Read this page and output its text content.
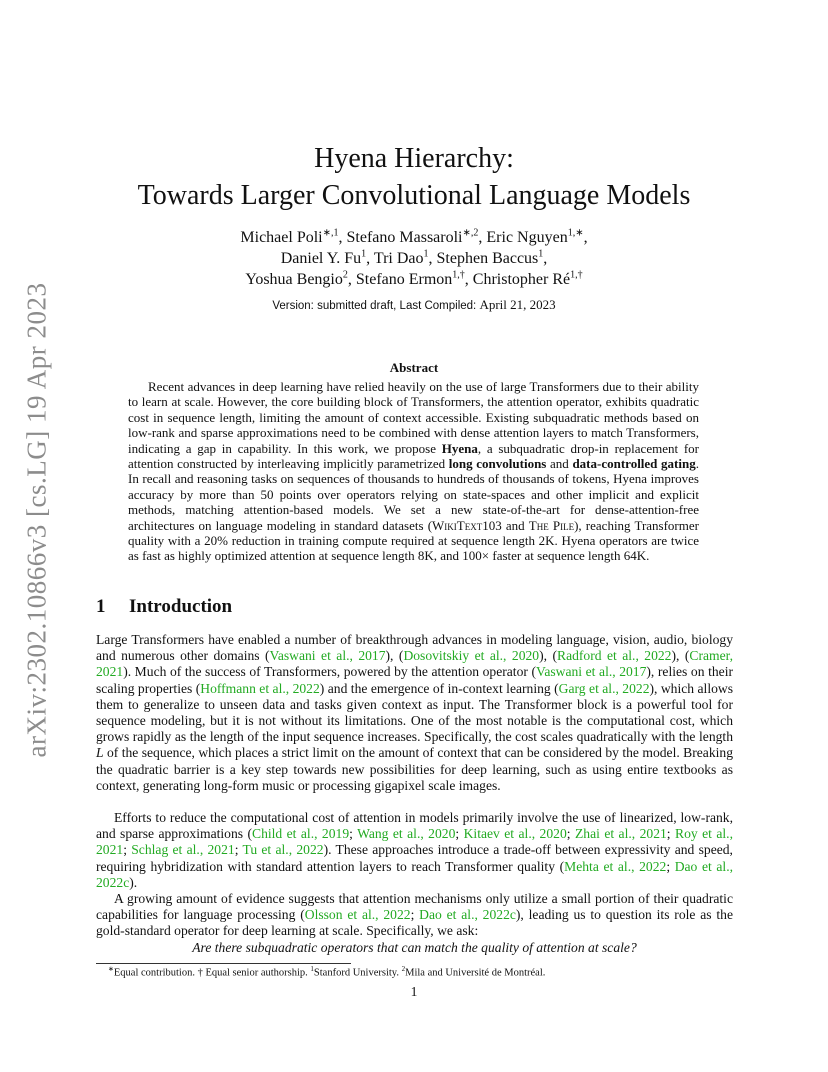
arXiv:2302.10866v3 [cs.LG] 19 Apr 2023
Hyena Hierarchy:
Towards Larger Convolutional Language Models
Michael Poli$^{∗,1}$, Stefano Massaroli$^{∗,2}$, Eric Nguyen$^{1,∗}$,
Daniel Y. Fu$^1$, Tri Dao$^1$, Stephen Baccus$^1$,
Yoshua Bengio$^2$, Stefano Ermon$^{1,\dagger}$, Christopher $Ré^{1,\dagger}$
Version: submitted draft, Last Compiled: April 21, 2023
Abstract

Recent advances in deep learning have relied heavily on the use of large Transformers due to their ability to learn at scale. However, the core building block of Transformers, the attention operator, exhibits quadratic cost in sequence length, limiting the amount of context accessible. Existing subquadratic methods based on low-rank and sparse approximations need to be combined with dense attention layers to match Transformers, indicating a gap in capability. In this work, we propose Hyena, a subquadratic drop-in replacement for attention constructed by interleaving implicitly parametrized long convolutions and data-controlled gating. In recall and reasoning tasks on sequences of thousands to hundreds of thousands of tokens, Hyena improves accuracy by more than 50 points over operators relying on state-spaces and other implicit and explicit methods, matching attention-based models. We set a new state-of-the-art for dense-attention-free architectures on language modeling in standard datasets (WikiText103 and The Pile), reaching Transformer quality with a 20% reduction in training compute required at sequence length 2K. Hyena operators are twice as fast as highly optimized attention at sequence length 8K, and 100× faster at sequence length 64K.

1 Introduction

Large Transformers have enabled a number of breakthrough advances in modeling language, vision, audio, biology and numerous other domains (Vaswani et al., 2017), (Dosovitskiy et al., 2020), (Radford et al., 2022), (Cramer, 2021). Much of the success of Transformers, powered by the attention operator (Vaswani et al., 2017), relies on their scaling properties (Hoffmann et al., 2022) and the emergence of in-context learning (Garg et al., 2022), which allows them to generalize to unseen data and tasks given context as input. The Transformer block is a powerful tool for sequence modeling, but it is not without its limitations. One of the most notable is the computational cost, which grows rapidly as the length of the input sequence increases. Specifically, the cost scales quadratically with the length L of the sequence, which places a strict limit on the amount of context that can be considered by the model. Breaking the quadratic barrier is a key step towards new possibilities for deep learning, such as using entire textbooks as context, generating long-form music or processing gigapixel scale images.

Efforts to reduce the computational cost of attention in models primarily involve the use of linearized, low-rank, and sparse approximations (Child et al., 2019; Wang et al., 2020; Kitaev et al., 2020; Zhai et al., 2021; Roy et al., 2021; Schlag et al., 2021; Tu et al., 2022). These approaches introduce a trade-off between expressivity and speed, requiring hybridization with standard attention layers to reach Transformer quality (Mehta et al., 2022; Dao et al., 2022c).

A growing amount of evidence suggests that attention mechanisms only utilize a small portion of their quadratic capabilities for language processing (Olsson et al., 2022; Dao et al., 2022c), leading us to question its role as the gold-standard operator for deep learning at scale. Specifically, we ask:

Are there subquadratic operators that can match the quality of attention at scale?
∗Equal contribution. † Equal senior authorship. $^1$Stanford University. $^2$Mila and Université de Montréal.
1
